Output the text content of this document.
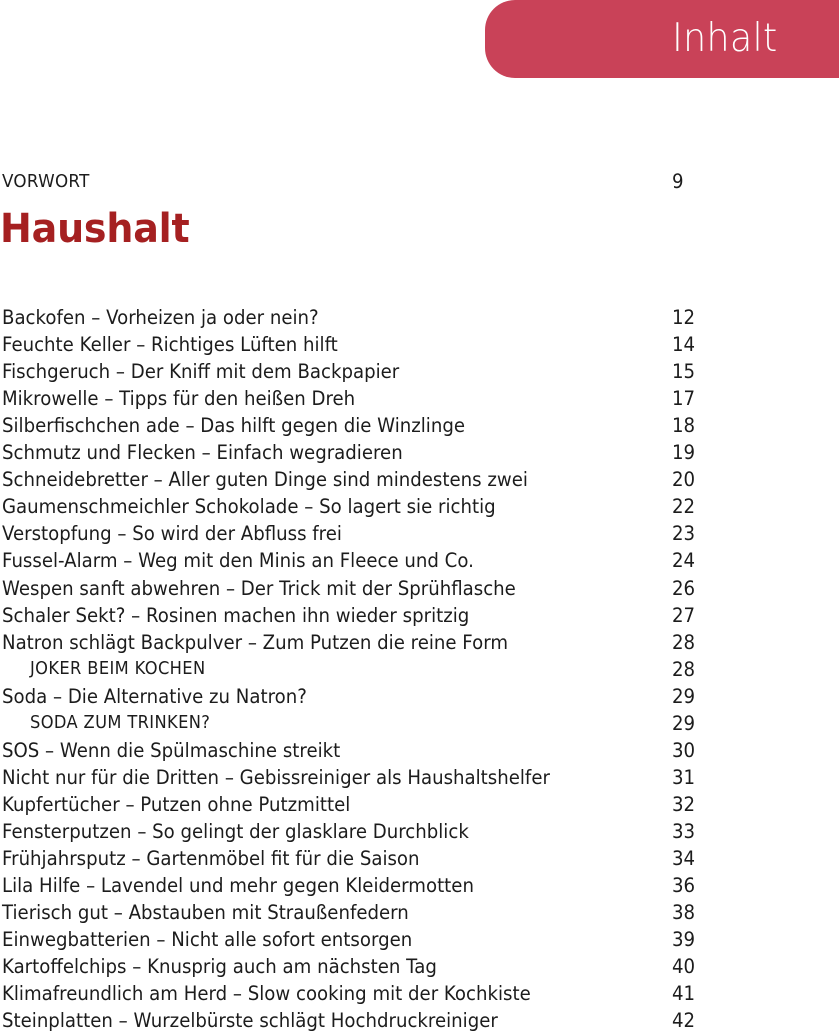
Inhalt
VORWORT	9
Haushalt
Backofen – Vorheizen ja oder nein?	12
Feuchte Keller – Richtiges Lüften hilft	14
Fischgeruch – Der Kniff mit dem Backpapier	15
Mikrowelle – Tipps für den heißen Dreh	17
Silberfischchen ade – Das hilft gegen die Winzlinge	18
Schmutz und Flecken – Einfach wegradieren	19
Schneidebretter – Aller guten Dinge sind mindestens zwei	20
Gaumenschmeichler Schokolade – So lagert sie richtig	22
Verstopfung – So wird der Abfluss frei	23
Fussel-Alarm – Weg mit den Minis an Fleece und Co.	24
Wespen sanft abwehren – Der Trick mit der Sprühflasche	26
Schaler Sekt? – Rosinen machen ihn wieder spritzig	27
Natron schlägt Backpulver – Zum Putzen die reine Form	28
JOKER BEIM KOCHEN	28
Soda – Die Alternative zu Natron?	29
SODA ZUM TRINKEN?	29
SOS – Wenn die Spülmaschine streikt	30
Nicht nur für die Dritten – Gebissreiniger als Haushaltshelfer	31
Kupfertücher – Putzen ohne Putzmittel	32
Fensterputzen – So gelingt der glasklare Durchblick	33
Frühjahrsputz – Gartenmöbel fit für die Saison	34
Lila Hilfe – Lavendel und mehr gegen Kleidermotten	36
Tierisch gut – Abstauben mit Straußenfedern	38
Einwegbatterien – Nicht alle sofort entsorgen	39
Kartoffelchips – Knusprig auch am nächsten Tag	40
Klimafreundlich am Herd – Slow cooking mit der Kochkiste	41
Steinplatten – Wurzelbürste schlägt Hochdruckreiniger	42
